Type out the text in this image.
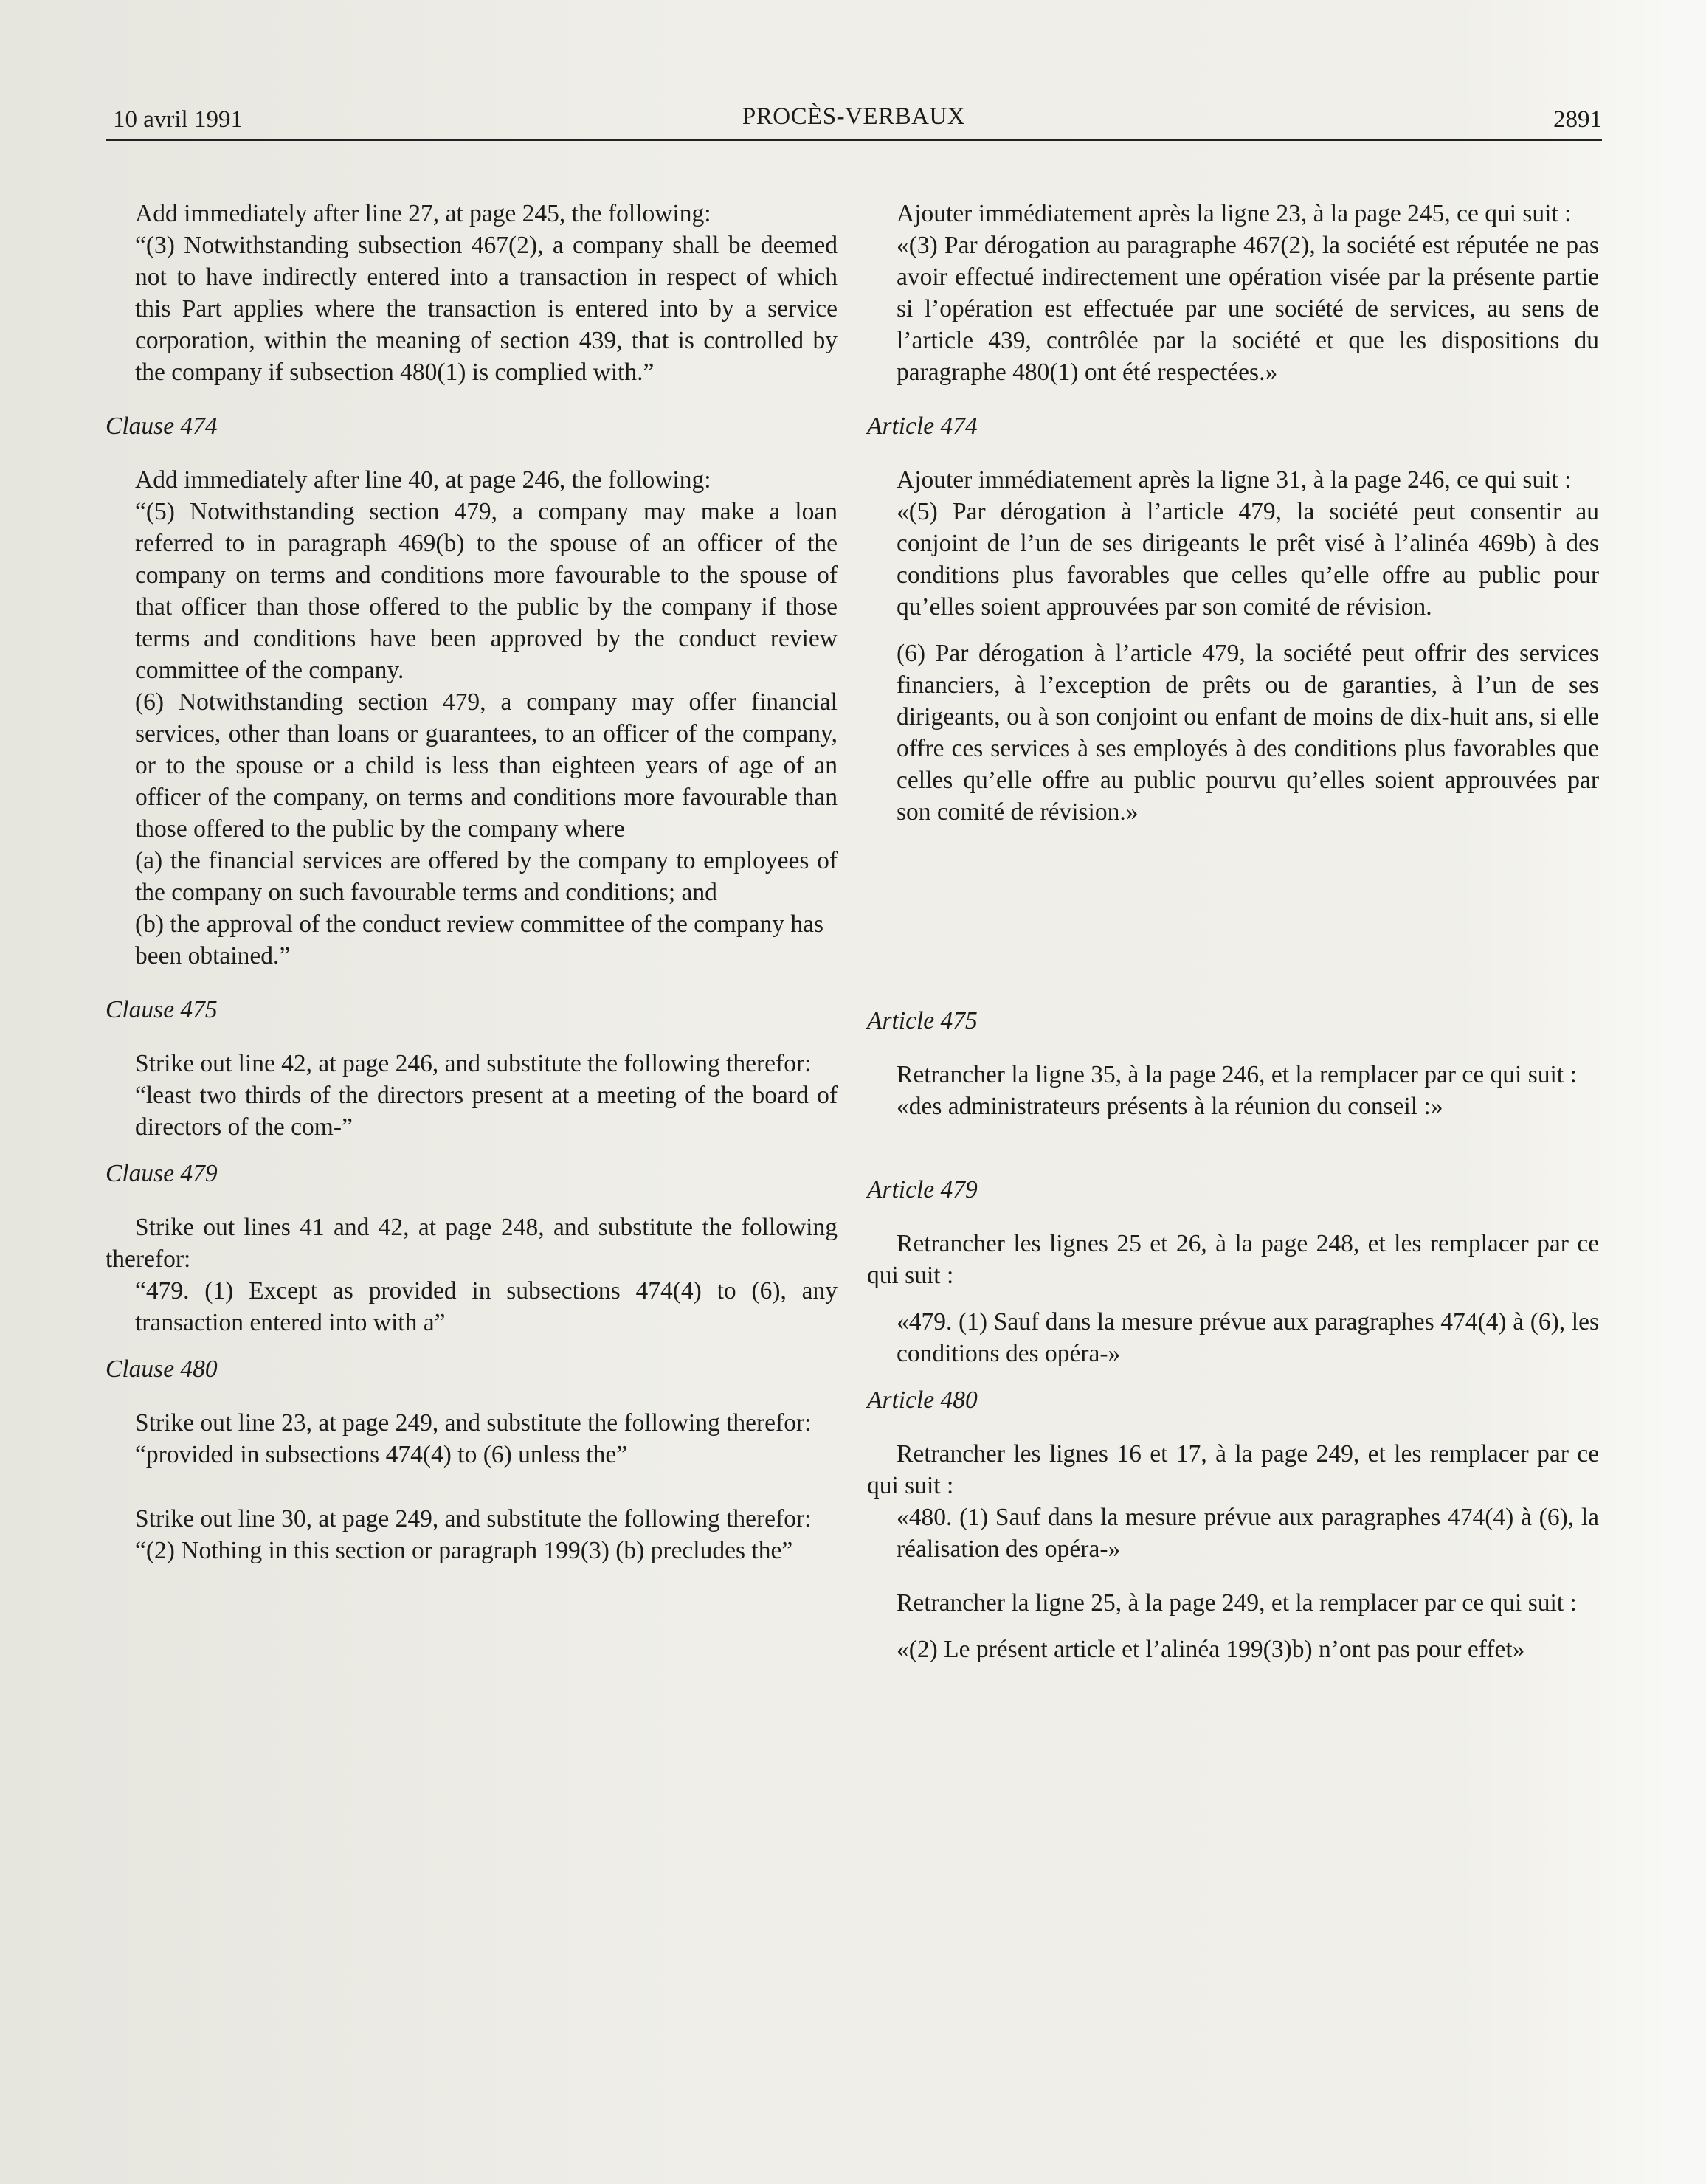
10 avril 1991	PROCÈS-VERBAUX	2891

Add immediately after line 27, at page 245, the following:

“(3) Notwithstanding subsection 467(2), a company shall be deemed not to have indirectly entered into a transaction in respect of which this Part applies where the transaction is entered into by a service corporation, within the meaning of section 439, that is controlled by the company if subsection 480(1) is complied with.”

Clause 474

Add immediately after line 40, at page 246, the following:

“(5) Notwithstanding section 479, a company may make a loan referred to in paragraph 469(b) to the spouse of an officer of the company on terms and conditions more favourable to the spouse of that officer than those offered to the public by the company if those terms and conditions have been approved by the conduct review committee of the company.

(6) Notwithstanding section 479, a company may offer financial services, other than loans or guarantees, to an officer of the company, or to the spouse or a child is less than eighteen years of age of an officer of the company, on terms and conditions more favourable than those offered to the public by the company where

(a) the financial services are offered by the company to employees of the company on such favourable terms and conditions; and

(b) the approval of the conduct review committee of the company has been obtained.”

Clause 475

Strike out line 42, at page 246, and substitute the following therefor:

“least two thirds of the directors present at a meeting of the board of directors of the com-”

Clause 479

Strike out lines 41 and 42, at page 248, and substitute the following therefor:

“479. (1) Except as provided in subsections 474(4) to (6), any transaction entered into with a”

Clause 480

Strike out line 23, at page 249, and substitute the following therefor:

“provided in subsections 474(4) to (6) unless the”

Strike out line 30, at page 249, and substitute the following therefor:

“(2) Nothing in this section or paragraph 199(3) (b) precludes the”

Ajouter immédiatement après la ligne 23, à la page 245, ce qui suit :

«(3) Par dérogation au paragraphe 467(2), la société est réputée ne pas avoir effectué indirectement une opération visée par la présente partie si l’opération est effectuée par une société de services, au sens de l’article 439, contrôlée par la société et que les dispositions du paragraphe 480(1) ont été respectées.»

Article 474

Ajouter immédiatement après la ligne 31, à la page 246, ce qui suit :

«(5) Par dérogation à l’article 479, la société peut consentir au conjoint de l’un de ses dirigeants le prêt visé à l’alinéa 469b) à des conditions plus favorables que celles qu’elle offre au public pour qu’elles soient approuvées par son comité de révision.

(6) Par dérogation à l’article 479, la société peut offrir des services financiers, à l’exception de prêts ou de garanties, à l’un de ses dirigeants, ou à son conjoint ou enfant de moins de dix-huit ans, si elle offre ces services à ses employés à des conditions plus favorables que celles qu’elle offre au public pourvu qu’elles soient approuvées par son comité de révision.»

Article 475

Retrancher la ligne 35, à la page 246, et la remplacer par ce qui suit :

«des administrateurs présents à la réunion du conseil :»

Article 479

Retrancher les lignes 25 et 26, à la page 248, et les remplacer par ce qui suit :

«479. (1) Sauf dans la mesure prévue aux paragraphes 474(4) à (6), les conditions des opéra-»

Article 480

Retrancher les lignes 16 et 17, à la page 249, et les remplacer par ce qui suit :

«480. (1) Sauf dans la mesure prévue aux paragraphes 474(4) à (6), la réalisation des opéra-»

Retrancher la ligne 25, à la page 249, et la remplacer par ce qui suit :

«(2) Le présent article et l’alinéa 199(3)b) n’ont pas pour effet»
